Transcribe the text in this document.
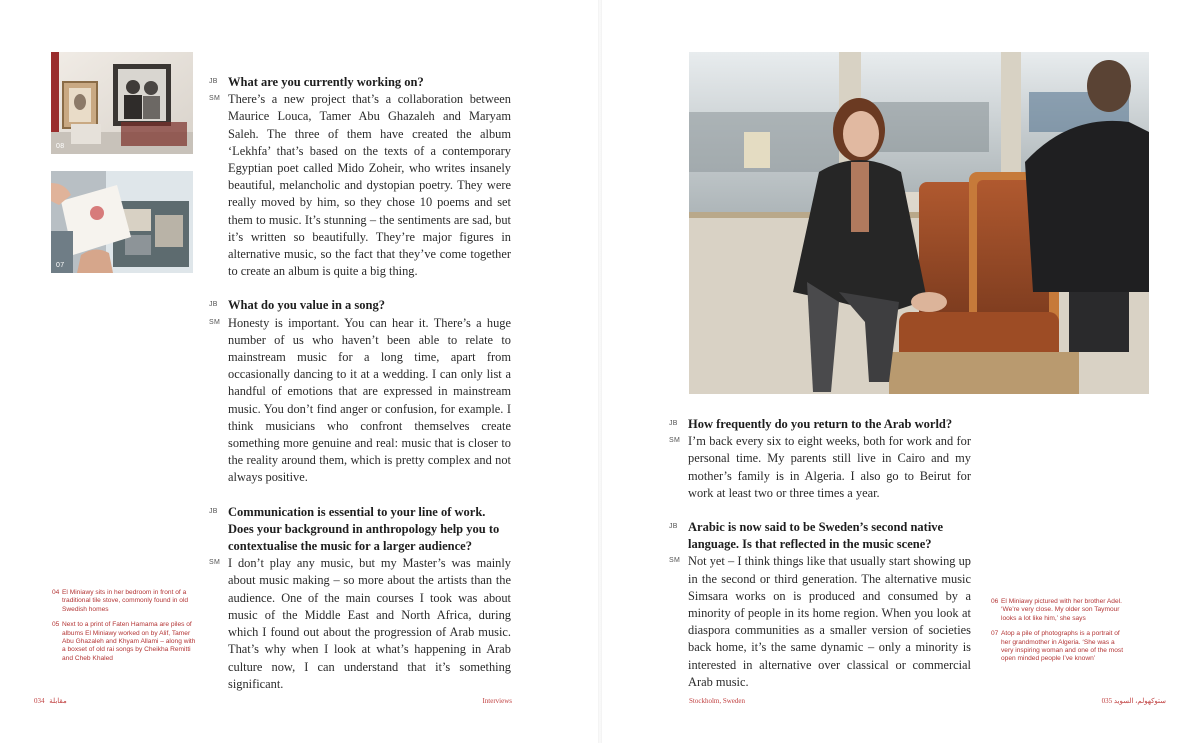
08
07
JB What are you currently working on?
SM There’s a new project that’s a collaboration between Maurice Louca, Tamer Abu Ghazaleh and Maryam Saleh. The three of them have created the album ‘Lekhfa’ that’s based on the texts of a contemporary Egyptian poet called Mido Zoheir, who writes insanely beautiful, melancholic and dystopian poetry. They were really moved by him, so they chose 10 poems and set them to music. It’s stunning – the sentiments are sad, but it’s written so beautifully. They’re major figures in alternative music, so the fact that they’ve come together to create an album is quite a big thing.
JB What do you value in a song?
SM Honesty is important. You can hear it. There’s a huge number of us who haven’t been able to relate to mainstream music for a long time, apart from occasionally dancing to it at a wedding. I can only list a handful of emotions that are expressed in mainstream music. You don’t find anger or confusion, for example. I think musicians who confront themselves create something more genuine and real: music that is closer to the reality around them, which is pretty complex and not always positive.
JB Communication is essential to your line of work. Does your background in anthropology help you to contextualise the music for a larger audience?
SM I don’t play any music, but my Master’s was mainly about music making – so more about the artists than the audience. One of the main courses I took was about music of the Middle East and North Africa, during which I found out about the progression of Arab music. That’s why when I look at what’s happening in Arab culture now, I can understand that it’s something significant.

04 El Miniawy sits in her bedroom in front of a traditional tile stove, commonly found in old Swedish homes

05 Next to a print of Faten Hamama are piles of albums El Miniawy worked on by Alif, Tamer Abu Ghazaleh and Khyam Allami – along with a boxset of old rai songs by Cheikha Remitti and Cheb Khaled

034 مقابلة	Interviews
JB How frequently do you return to the Arab world?
SM I’m back every six to eight weeks, both for work and for personal time. My parents still live in Cairo and my mother’s family is in Algeria. I also go to Beirut for work at least two or three times a year.
JB Arabic is now said to be Sweden’s second native language. Is that reflected in the music scene?
SM Not yet – I think things like that usually start showing up in the second or third generation. The alternative music Simsara works on is produced and consumed by a minority of people in its home region. When you look at diaspora communities as a smaller version of societies back home, it’s the same dynamic – only a minority is interested in alternative over classical or commercial Arab music.

06 El Miniawy pictured with her brother Adel. ‘We’re very close. My older son Taymour looks a lot like him,’ she says

07 Atop a pile of photographs is a portrait of her grandmother in Algeria. ‘She was a very inspiring woman and one of the most open minded people I’ve known’

Stockholm, Sweden	ستوكهولم، السويد 035
